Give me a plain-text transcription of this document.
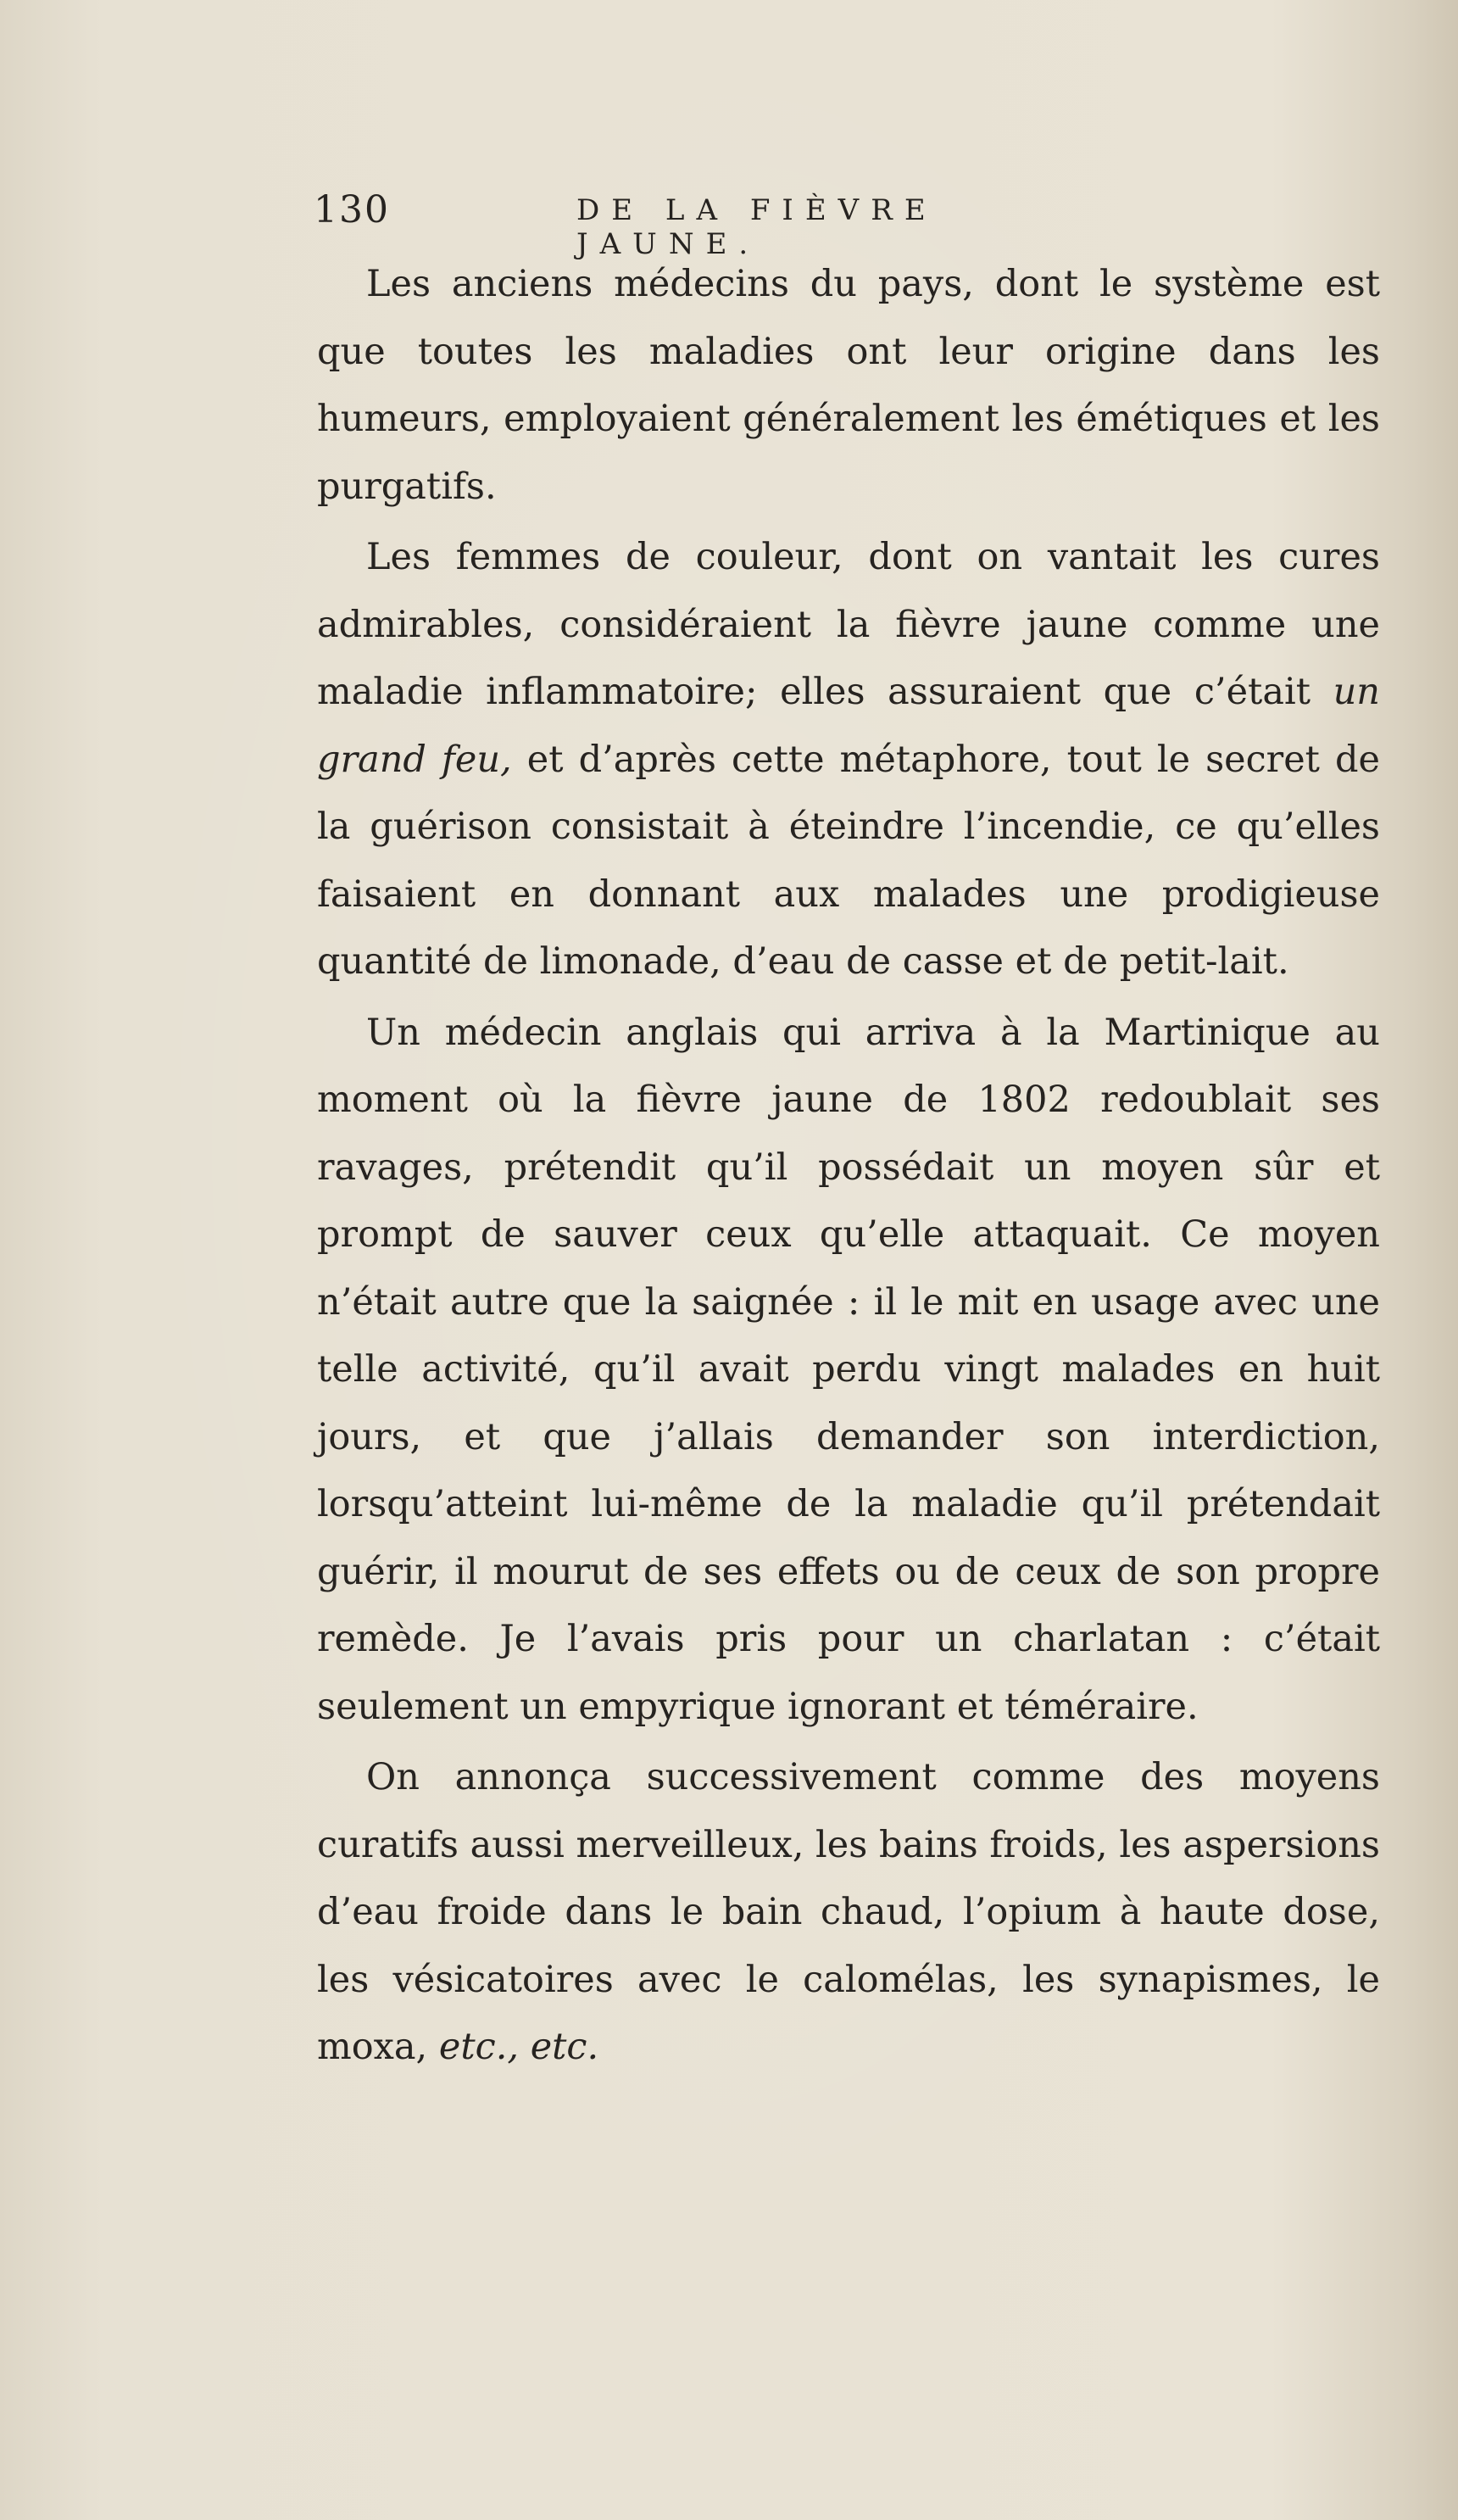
130	DE LA FIÈVRE JAUNE.

Les anciens médecins du pays, dont le système est que toutes les maladies ont leur origine dans les humeurs, employaient généralement les émétiques et les purgatifs.

Les femmes de couleur, dont on vantait les cures admirables, considéraient la fièvre jaune comme une maladie inflammatoire; elles assuraient que c’était un grand feu, et d’après cette métaphore, tout le secret de la guérison consistait à éteindre l’incendie, ce qu’elles faisaient en donnant aux malades une prodigieuse quantité de limonade, d’eau de casse et de petit-lait.

Un médecin anglais qui arriva à la Martinique au moment où la fièvre jaune de 1802 redoublait ses ravages, prétendit qu’il possédait un moyen sûr et prompt de sauver ceux qu’elle attaquait. Ce moyen n’était autre que la saignée : il le mit en usage avec une telle activité, qu’il avait perdu vingt malades en huit jours, et que j’allais demander son interdiction, lorsqu’atteint lui-même de la maladie qu’il prétendait guérir, il mourut de ses effets ou de ceux de son propre remède. Je l’avais pris pour un charlatan : c’était seulement un empyrique ignorant et téméraire.

On annonça successivement comme des moyens curatifs aussi merveilleux, les bains froids, les aspersions d’eau froide dans le bain chaud, l’opium à haute dose, les vésicatoires avec le calomélas, les synapismes, le moxa, etc., etc.
